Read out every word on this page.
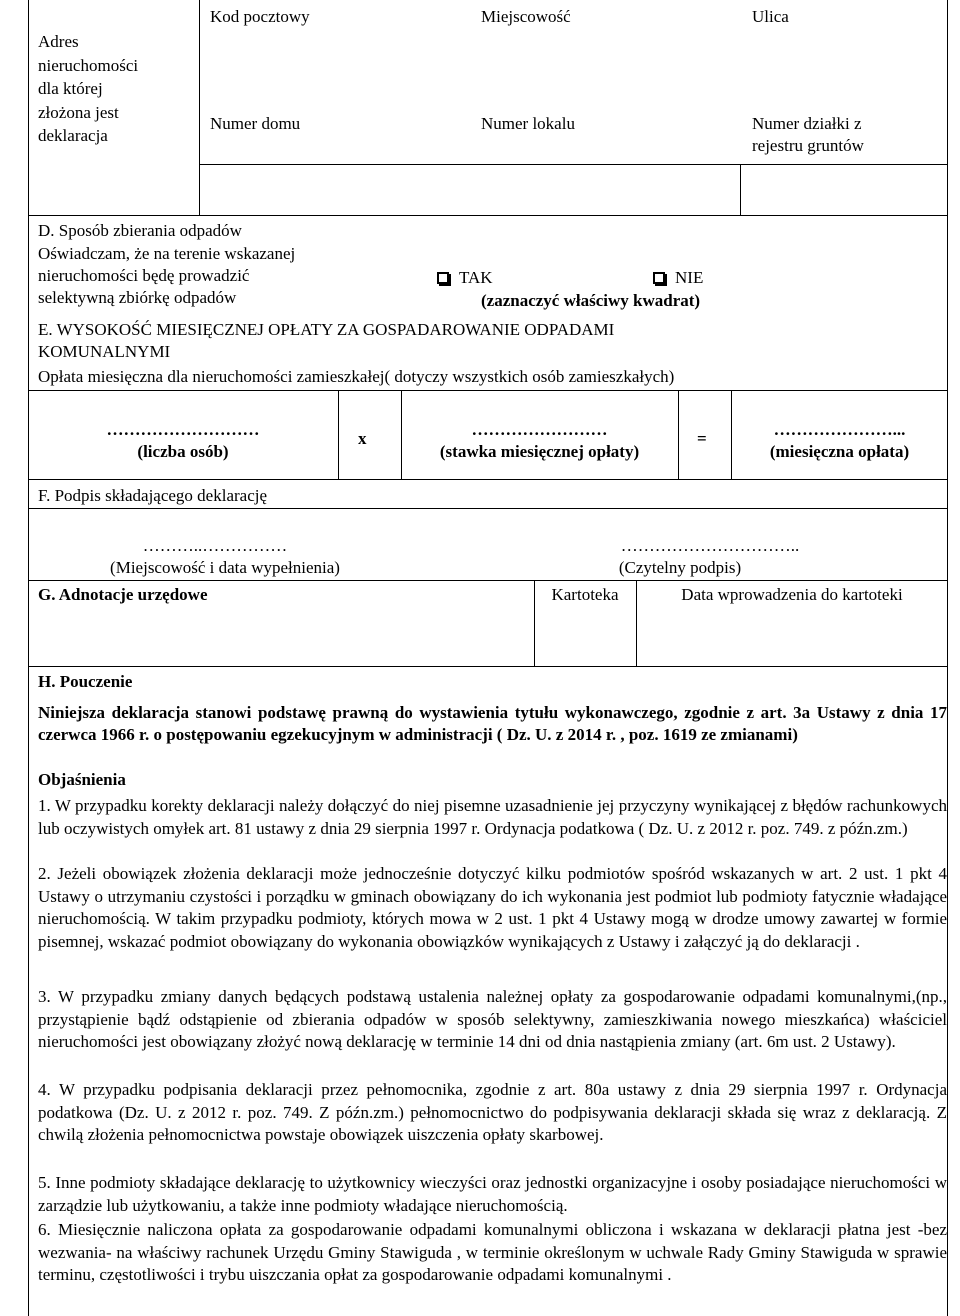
Adres
nieruchomości
dla której
złożona jest
deklaracja
Kod pocztowy	Miejscowość	Ulica
Numer domu	Numer lokalu	Numer działki z
rejestru gruntów
D. Sposób zbierania odpadów
Oświadczam, że na terenie wskazanej
nieruchomości będę prowadzić
selektywną zbiórkę odpadów
TAK	NIE
(zaznaczyć właściwy kwadrat)
E. WYSOKOŚĆ MIESIĘCZNEJ OPŁATY ZA GOSPADAROWANIE ODPADAMI
KOMUNALNYMI
Opłata miesięczna dla nieruchomości zamieszkałej( dotyczy wszystkich osób zamieszkałych)
………………………
(liczba osób)
x	……………………
(stawka miesięcznej opłaty)
=	…………………...
(miesięczna opłata)
F. Podpis składającego deklarację
………..……………
(Miejscowość i data wypełnienia)
…………………………..
(Czytelny podpis)
G. Adnotacje urzędowe	Kartoteka	Data wprowadzenia do kartoteki
H. Pouczenie
Niniejsza deklaracja stanowi podstawę prawną do wystawienia tytułu wykonawczego, zgodnie z art. 3a Ustawy z dnia 17 czerwca 1966 r. o postępowaniu egzekucyjnym w administracji ( Dz. U. z 2014 r. , poz. 1619 ze zmianami)
Objaśnienia
1. W przypadku korekty deklaracji należy dołączyć do niej pisemne uzasadnienie jej przyczyny wynikającej z błędów rachunkowych lub oczywistych omyłek art. 81 ustawy z dnia 29 sierpnia 1997 r. Ordynacja podatkowa ( Dz. U. z 2012 r. poz. 749. z późn.zm.)
2. Jeżeli obowiązek złożenia deklaracji może jednocześnie dotyczyć kilku podmiotów spośród wskazanych w art. 2 ust. 1 pkt 4 Ustawy o utrzymaniu czystości i porządku w gminach obowiązany do ich wykonania jest podmiot lub podmioty fatycznie władające nieruchomością. W takim przypadku podmioty, których mowa w 2 ust. 1 pkt 4 Ustawy mogą w drodze umowy zawartej w formie pisemnej, wskazać podmiot obowiązany do wykonania obowiązków wynikających z Ustawy i załączyć ją do deklaracji .
3. W przypadku zmiany danych będących podstawą ustalenia należnej opłaty za gospodarowanie odpadami komunalnymi,(np., przystąpienie bądź odstąpienie od zbierania odpadów w sposób selektywny, zamieszkiwania nowego mieszkańca) właściciel nieruchomości jest obowiązany złożyć nową deklarację w terminie 14 dni od dnia nastąpienia zmiany (art. 6m ust. 2 Ustawy).
4. W przypadku podpisania deklaracji przez pełnomocnika, zgodnie z art. 80a ustawy z dnia 29 sierpnia 1997 r. Ordynacja podatkowa (Dz. U. z 2012 r. poz. 749. Z późn.zm.) pełnomocnictwo do podpisywania deklaracji składa się wraz z deklaracją. Z chwilą złożenia pełnomocnictwa powstaje obowiązek uiszczenia opłaty skarbowej.
5. Inne podmioty składające deklarację to użytkownicy wieczyści oraz jednostki organizacyjne i osoby posiadające nieruchomości w zarządzie lub użytkowaniu, a także inne podmioty władające nieruchomością.
6. Miesięcznie naliczona opłata za gospodarowanie odpadami komunalnymi obliczona i wskazana w deklaracji płatna jest -bez wezwania- na właściwy rachunek Urzędu Gminy Stawiguda , w terminie określonym w uchwale Rady Gminy Stawiguda w sprawie terminu, częstotliwości i trybu uiszczania opłat za gospodarowanie odpadami komunalnymi .
